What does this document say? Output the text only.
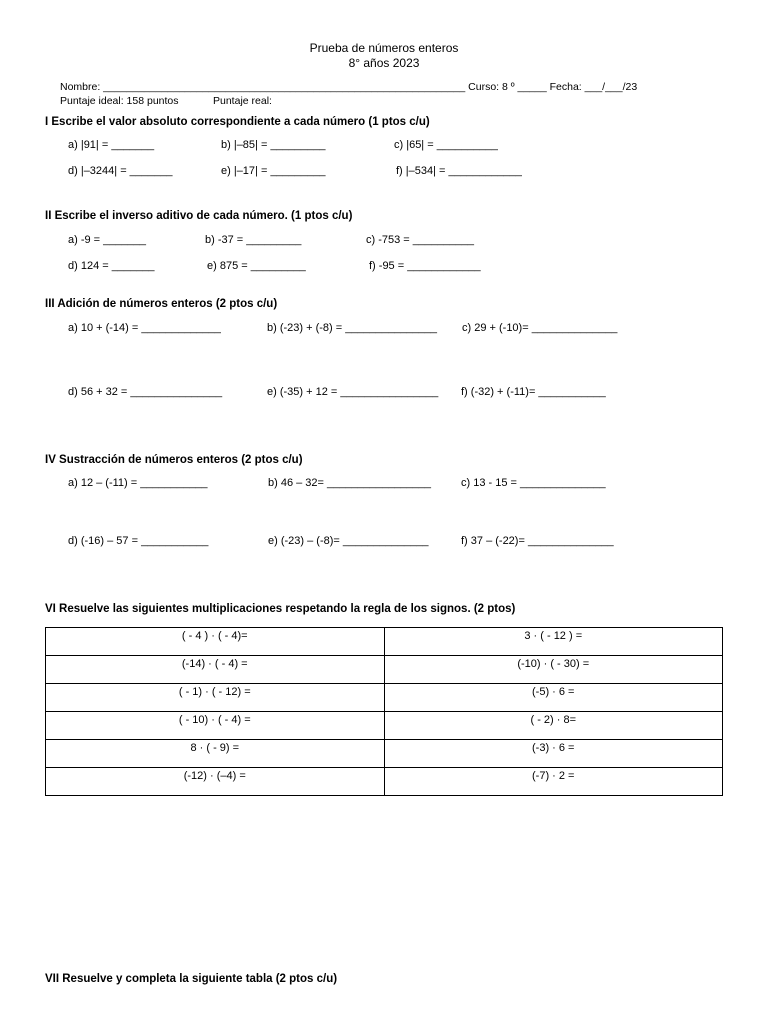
Prueba de números enteros
8° años 2023
Nombre: ______________________________________________________________ Curso: 8 º _____ Fecha: ___/___/23
Puntaje ideal: 158 puntos	Puntaje real:
I Escribe el valor absoluto correspondiente a cada número (1 ptos c/u)
a) |91| = _______	b) |–85| = _________	c) |65| = __________
d) |–3244| = _______	e) |–17| = _________	f) |–534| = ____________
II Escribe el inverso aditivo de cada número. (1 ptos c/u)
a) -9 = _______	b) -37 = _________	c) -753 = __________
d) 124 = _______	e) 875 = _________	f) -95 = ____________
III Adición de números enteros (2 ptos c/u)
a) 10 + (-14) = _____________	b) (-23) + (-8) = _______________ c) 29 + (-10)= ______________
d) 56 + 32 = _______________	e) (-35) + 12 = ________________ f) (-32) + (-11)= ___________
IV Sustracción de números enteros (2 ptos c/u)
a) 12 – (-11) = ___________	b) 46 – 32= _________________	c) 13 - 15 = ______________
d) (-16) – 57 = ___________	e) (-23) – (-8)= ______________	f) 37 – (-22)= ______________
VI Resuelve las siguientes multiplicaciones respetando la regla de los signos. (2 ptos)
( - 4 ) · ( - 4)=	3 · ( - 12 ) =
(-14) · ( - 4) =	(-10) · ( - 30) =
( - 1) · ( - 12) =	(-5) · 6 =
( - 10) · ( - 4) =	( - 2) · 8=
8 · ( - 9) =	(-3) · 6 =
(-12) · (–4) =	(-7) · 2 =
VII Resuelve y completa la siguiente tabla (2 ptos c/u)
